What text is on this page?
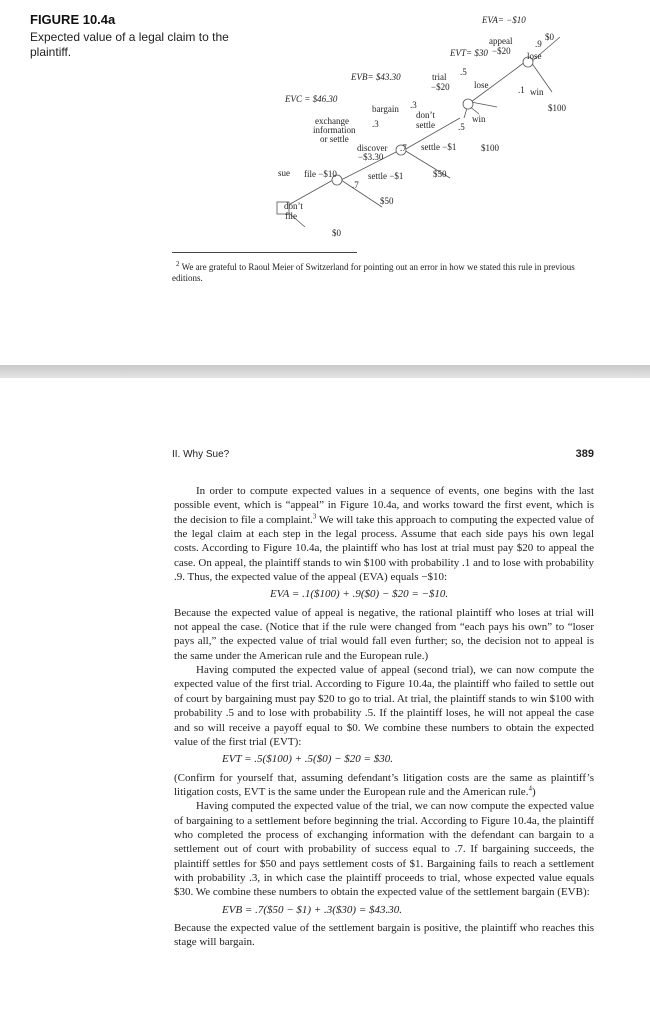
FIGURE 10.4a
Expected value of a legal claim to the plaintiff.
EVA= −$10
EVT= $30
EVB= $43.30
EVC = $46.30
appeal
−$20
.9
$0
lose
win
.1
$100
trial
−$20
.5
lose
don’t
settle	.5
win
$100
bargain .3
.3
exchange
information
or settle
discover
−$3.30
.7 settle −$1
$50
sue file −$10
.7
settle −$1
$50
don’t
file
$0
$^2$ We are grateful to Raoul Meier of Switzerland for pointing out an error in how we stated this rule in previous editions.
II. Why Sue?	389

In order to compute expected values in a sequence of events, one begins with the last possible event, which is “appeal” in Figure 10.4a, and works toward the first event, which is the decision to file a complaint.$^3$ We will take this approach to computing the expected value of the legal claim at each step in the legal process. Assume that each side pays his own legal costs. According to Figure 10.4a, the plaintiff who has lost at trial must pay $20 to appeal the case. On appeal, the plaintiff stands to win $100 with probability .1 and to lose with probability .9. Thus, the expected value of the appeal (EVA) equals −$10:

EVA = .1($100) + .9($0) − $20 = −$10.

Because the expected value of appeal is negative, the rational plaintiff who loses at trial will not appeal the case. (Notice that if the rule were changed from “each pays his own” to “loser pays all,” the expected value of trial would fall even further; so, the decision not to appeal is the same under the American rule and the European rule.)

Having computed the expected value of appeal (second trial), we can now compute the expected value of the first trial. According to Figure 10.4a, the plaintiff who failed to settle out of court by bargaining must pay $20 to go to trial. At trial, the plaintiff stands to win $100 with probability .5 and to lose with probability .5. If the plaintiff loses, he will not appeal the case and so will receive a payoff equal to $0. We combine these numbers to obtain the expected value of the first trial (EVT):

EVT = .5($100) + .5($0) − $20 = $30.

(Confirm for yourself that, assuming defendant’s litigation costs are the same as plaintiff’s litigation costs, EVT is the same under the European rule and the American rule.$^4$)

Having computed the expected value of the trial, we can now compute the expected value of bargaining to a settlement before beginning the trial. According to Figure 10.4a, the plaintiff who completed the process of exchanging information with the defendant can bargain to a settlement out of court with probability of success equal to .7. If bargaining succeeds, the plaintiff settles for $50 and pays settlement costs of $1. Bargaining fails to reach a settlement with probability .3, in which case the plaintiff proceeds to trial, whose expected value equals $30. We combine these numbers to obtain the expected value of the settlement bargain (EVB):

EVB = .7($50 − $1) + .3($30) = $43.30.

Because the expected value of the settlement bargain is positive, the plaintiff who reaches this stage will bargain.
